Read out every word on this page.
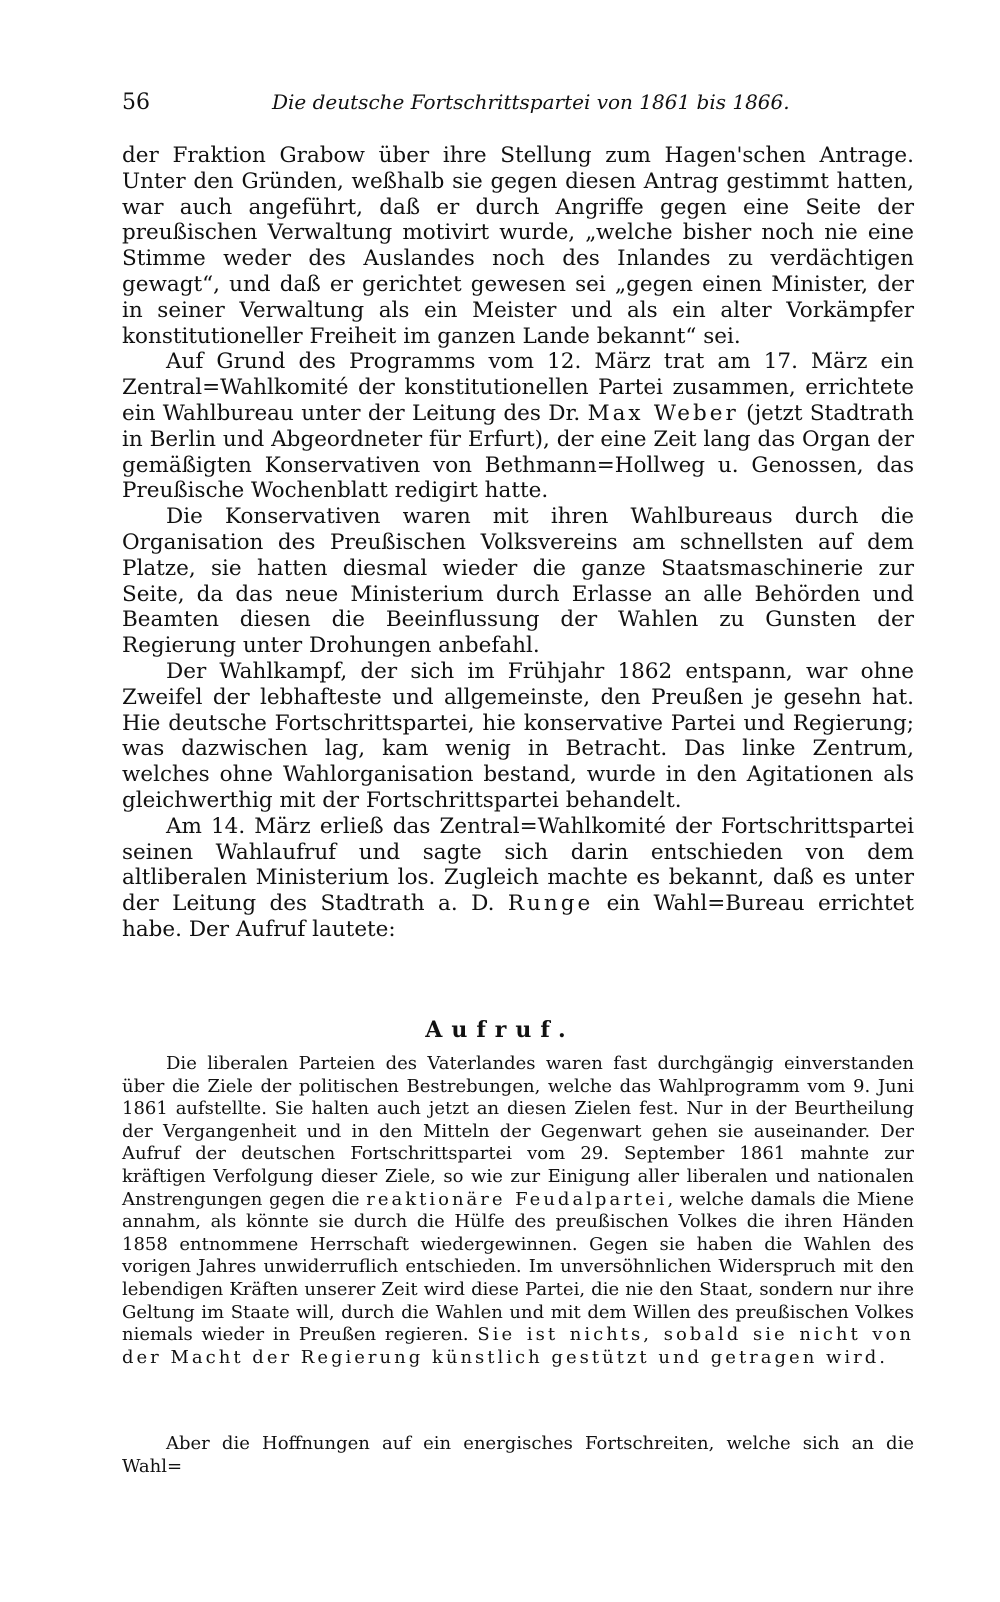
56	Die deutsche Fortschrittspartei von 1861 bis 1866.

der Fraktion Grabow über ihre Stellung zum Hagen'schen Antrage. Unter den Gründen, weßhalb sie gegen diesen Antrag gestimmt hatten, war auch angeführt, daß er durch Angriffe gegen eine Seite der preußischen Verwaltung motivirt wurde, „welche bisher noch nie eine Stimme weder des Auslandes noch des Inlandes zu verdächtigen gewagt“, und daß er gerichtet gewesen sei „gegen einen Minister, der in seiner Verwaltung als ein Meister und als ein alter Vorkämpfer konstitutioneller Freiheit im ganzen Lande bekannt“ sei.

Auf Grund des Programms vom 12. März trat am 17. März ein Zentral=Wahlkomité der konstitutionellen Partei zusammen, errichtete ein Wahlbureau unter der Leitung des Dr. Max Weber (jetzt Stadtrath in Berlin und Abgeordneter für Erfurt), der eine Zeit lang das Organ der gemäßigten Konservativen von Bethmann=Hollweg u. Genossen, das Preußische Wochenblatt redigirt hatte.

Die Konservativen waren mit ihren Wahlbureaus durch die Organisation des Preußischen Volksvereins am schnellsten auf dem Platze, sie hatten diesmal wieder die ganze Staatsmaschinerie zur Seite, da das neue Ministerium durch Erlasse an alle Behörden und Beamten diesen die Beeinflussung der Wahlen zu Gunsten der Regierung unter Drohungen anbefahl.

Der Wahlkampf, der sich im Frühjahr 1862 entspann, war ohne Zweifel der lebhafteste und allgemeinste, den Preußen je gesehn hat. Hie deutsche Fortschrittspartei, hie konservative Partei und Regierung; was dazwischen lag, kam wenig in Betracht. Das linke Zentrum, welches ohne Wahlorganisation bestand, wurde in den Agitationen als gleichwerthig mit der Fortschrittspartei behandelt.

Am 14. März erließ das Zentral=Wahlkomité der Fortschrittspartei seinen Wahlaufruf und sagte sich darin entschieden von dem altliberalen Ministerium los. Zugleich machte es bekannt, daß es unter der Leitung des Stadtrath a. D. Runge ein Wahl=Bureau errichtet habe. Der Aufruf lautete:

Aufruf.

Die liberalen Parteien des Vaterlandes waren fast durchgängig einverstanden über die Ziele der politischen Bestrebungen, welche das Wahlprogramm vom 9. Juni 1861 aufstellte. Sie halten auch jetzt an diesen Zielen fest. Nur in der Beurtheilung der Vergangenheit und in den Mitteln der Gegenwart gehen sie auseinander. Der Aufruf der deutschen Fortschrittspartei vom 29. September 1861 mahnte zur kräftigen Verfolgung dieser Ziele, so wie zur Einigung aller liberalen und nationalen Anstrengungen gegen die reaktionäre Feudalpartei, welche damals die Miene annahm, als könnte sie durch die Hülfe des preußischen Volkes die ihren Händen 1858 entnommene Herrschaft wiedergewinnen. Gegen sie haben die Wahlen des vorigen Jahres unwiderruflich entschieden. Im unversöhnlichen Widerspruch mit den lebendigen Kräften unserer Zeit wird diese Partei, die nie den Staat, sondern nur ihre Geltung im Staate will, durch die Wahlen und mit dem Willen des preußischen Volkes niemals wieder in Preußen regieren. Sie ist nichts, sobald sie nicht von der Macht der Regierung künstlich gestützt und getragen wird.

Aber die Hoffnungen auf ein energisches Fortschreiten, welche sich an die Wahl=
